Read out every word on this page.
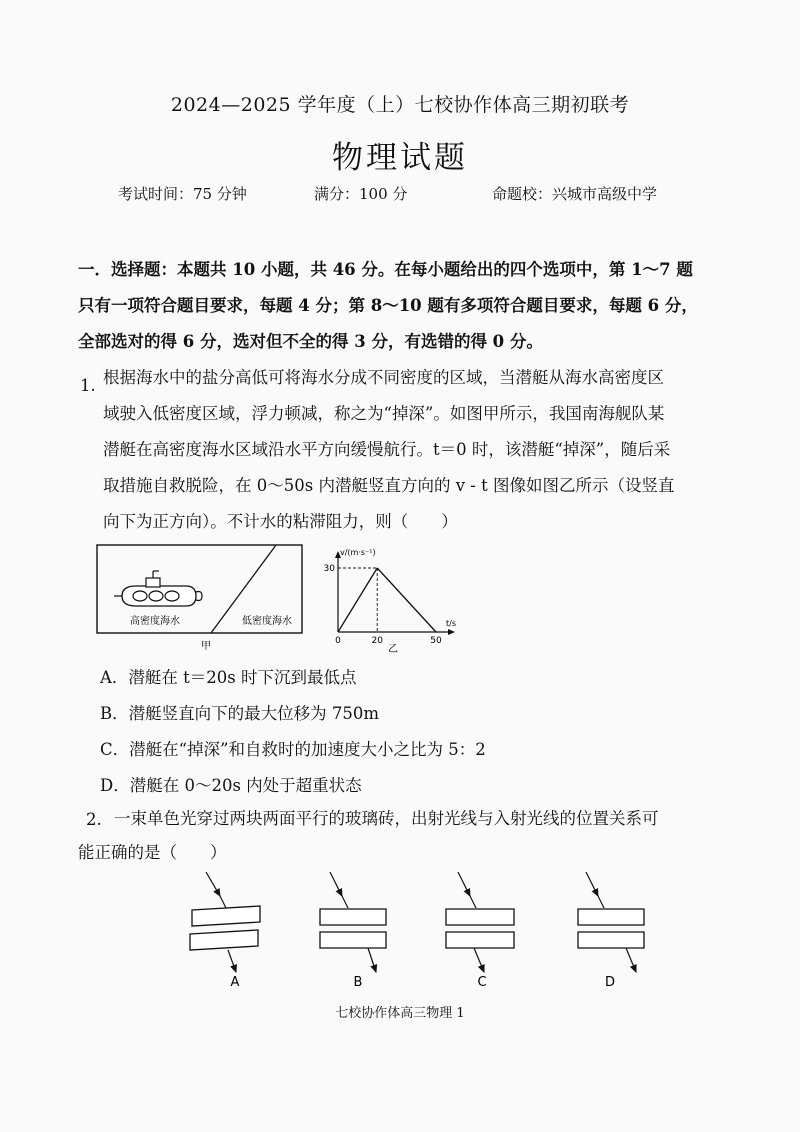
2024—2025 学年度（上）七校协作体高三期初联考
物理试题
考试时间：75 分钟	满分：100 分	命题校：兴城市高级中学
一．选择题：本题共 10 小题，共 46 分。在每小题给出的四个选项中，第 1～7 题
只有一项符合题目要求，每题 4 分；第 8～10 题有多项符合题目要求，每题 6 分，
全部选对的得 6 分，选对但不全的得 3 分，有选错的得 0 分。
1. 根据海水中的盐分高低可将海水分成不同密度的区域，当潜艇从海水高密度区
域驶入低密度区域，浮力顿减，称之为“掉深”。如图甲所示，我国南海舰队某
潜艇在高密度海水区域沿水平方向缓慢航行。t＝0 时，该潜艇“掉深”，随后采
取措施自救脱险，在 0～50s 内潜艇竖直方向的 v - t 图像如图乙所示（设竖直
向下为正方向）。不计水的粘滞阻力，则（　　）
高密度海水	低密度海水
甲
v/(m·s⁻¹)
t/s
30
0	20	50
乙
A．潜艇在 t＝20s 时下沉到最低点
B．潜艇竖直向下的最大位移为 750m
C．潜艇在“掉深”和自救时的加速度大小之比为 5：2
D．潜艇在 0～20s 内处于超重状态
2. 一束单色光穿过两块两面平行的玻璃砖，出射光线与入射光线的位置关系可
能正确的是（　　）
A	B	C	D
七校协作体高三物理 1
